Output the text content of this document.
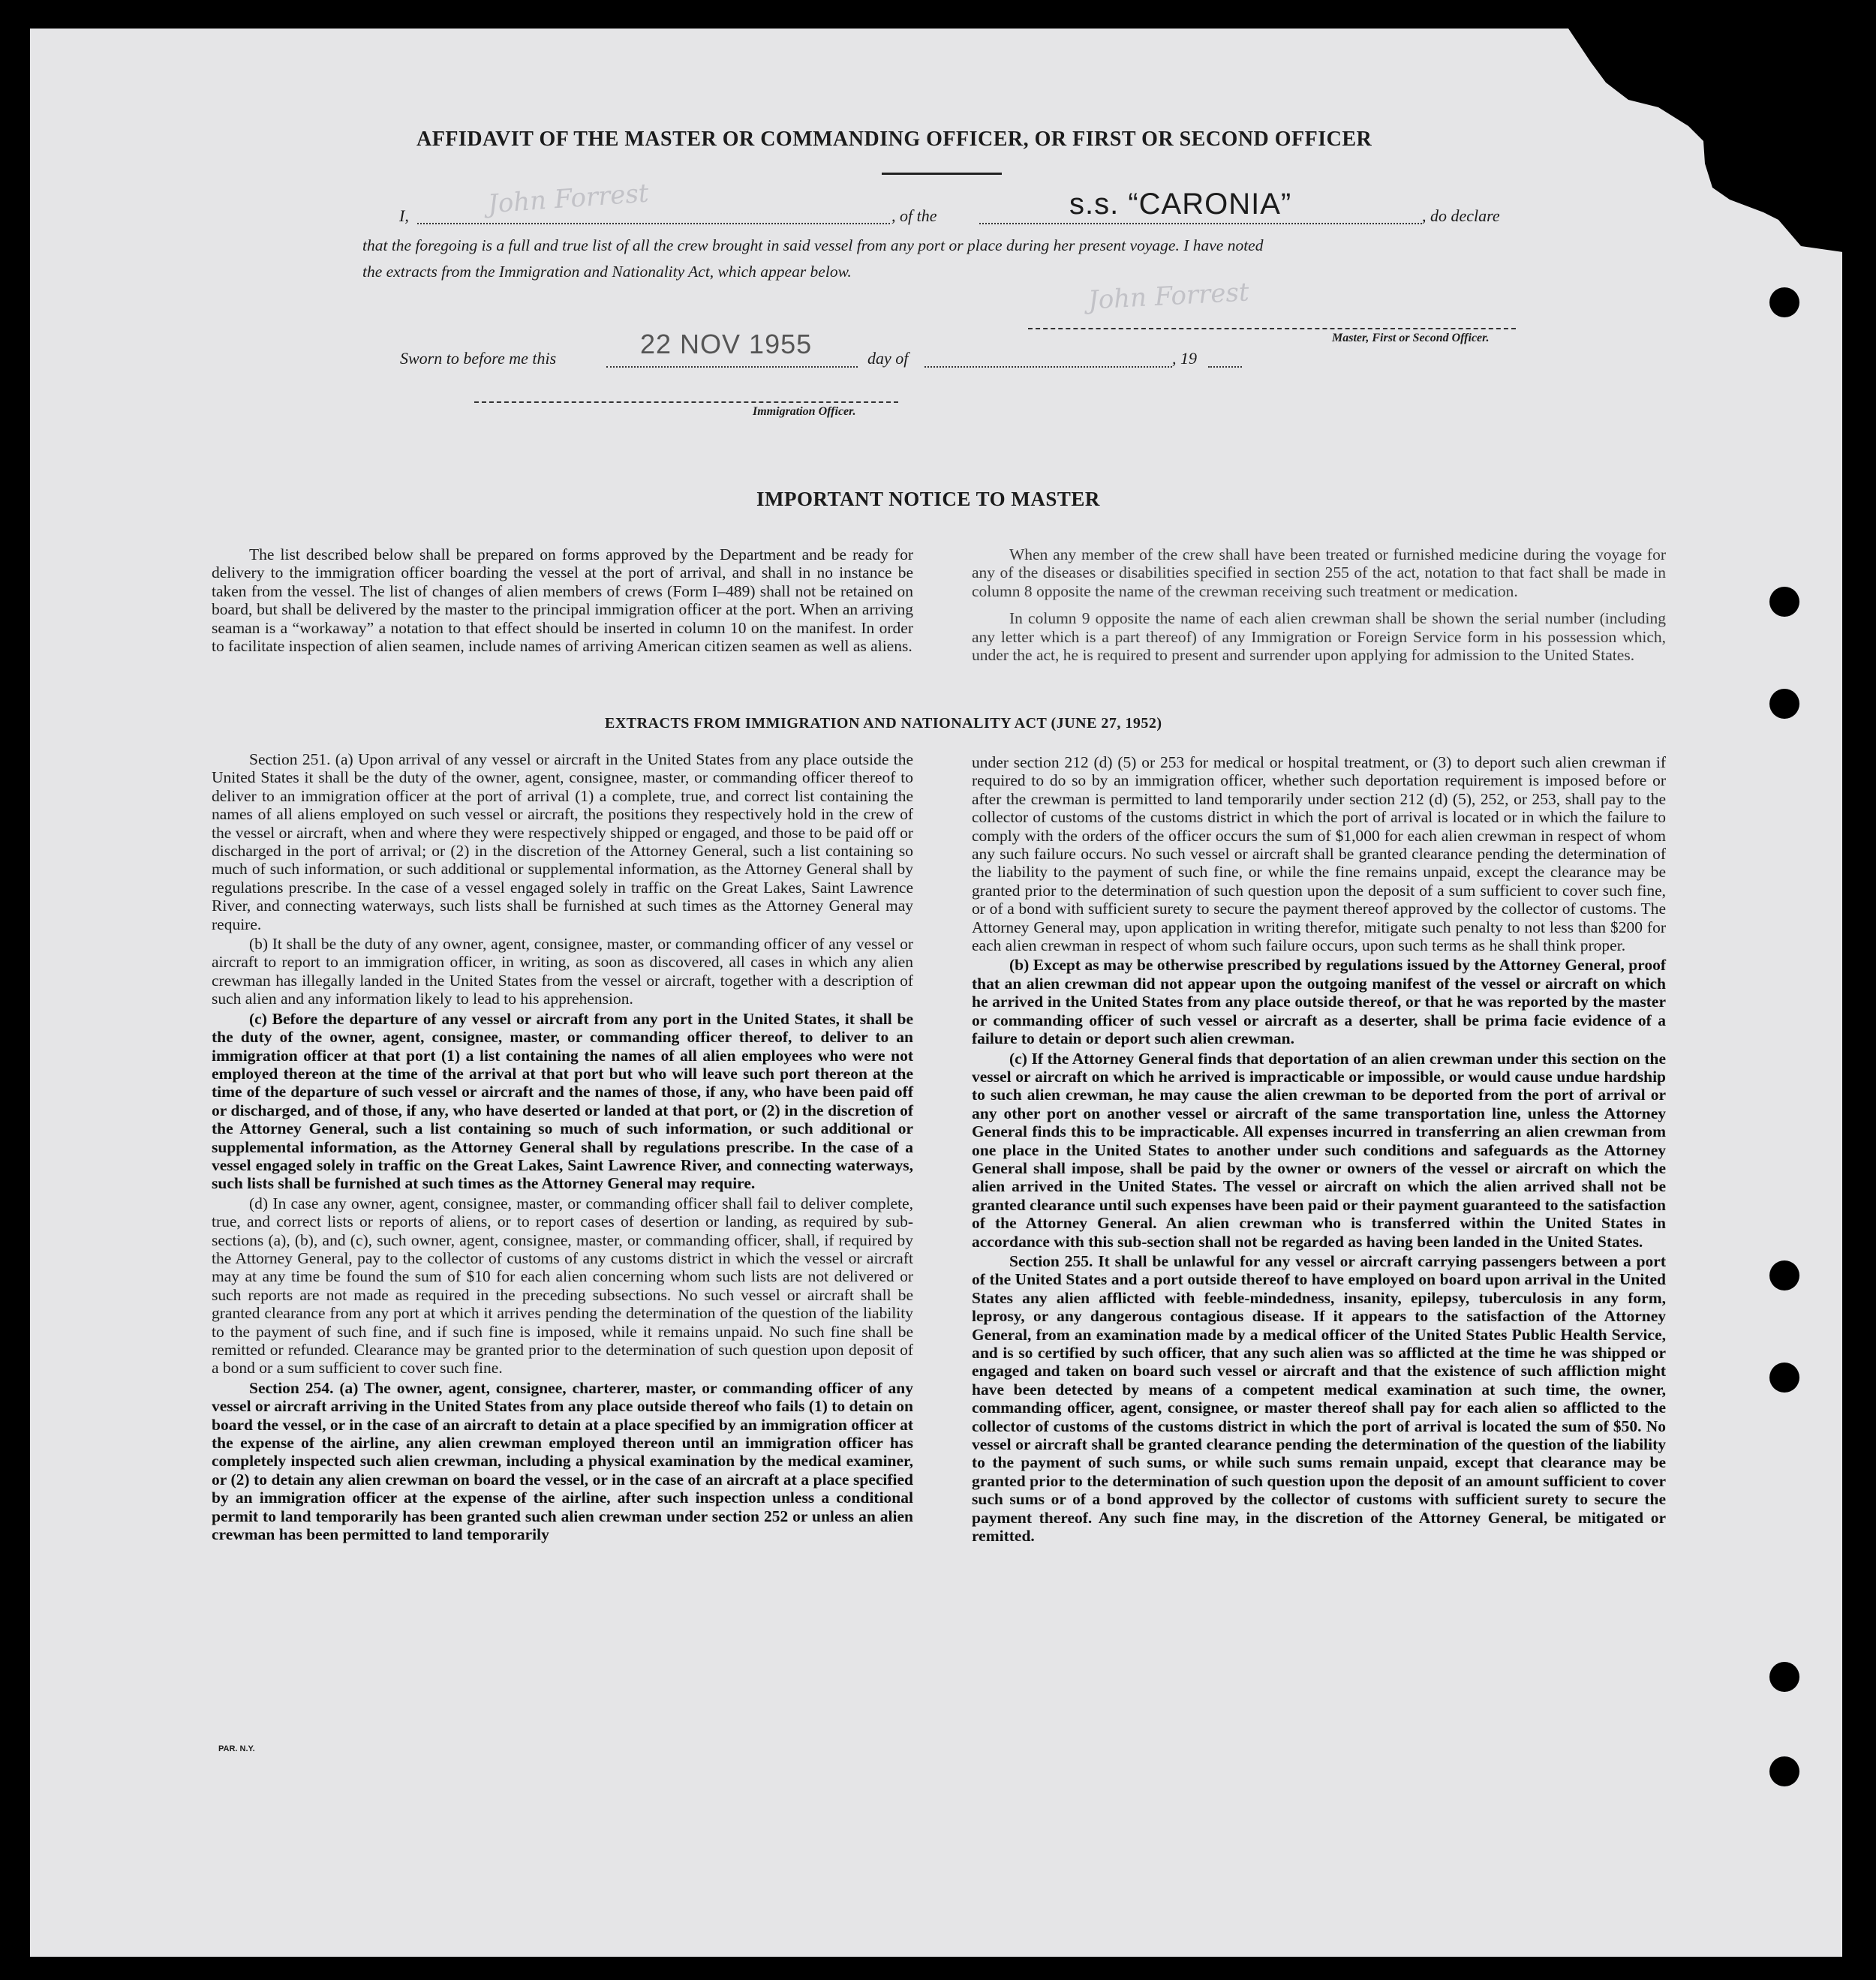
AFFIDAVIT OF THE MASTER OR COMMANDING OFFICER, OR FIRST OR SECOND OFFICER
I,	John Forrest	, of the	s.s. “CARONIA”	, do declare
that the foregoing is a full and true list of all the crew brought in said vessel from any port or place during her present voyage. I have noted
the extracts from the Immigration and Nationality Act, which appear below.
John Forrest
Master, First or Second Officer.
Sworn to before me this	22 NOV 1955	day of	, 19
Immigration Officer.
IMPORTANT NOTICE TO MASTER

The list described below shall be prepared on forms approved by the Department and be ready for delivery to the immigration officer boarding the vessel at the port of arrival, and shall in no instance be taken from the vessel. The list of changes of alien members of crews (Form I–489) shall not be retained on board, but shall be delivered by the master to the principal immigration officer at the port. When an arriving seaman is a “workaway” a notation to that effect should be inserted in column 10 on the manifest. In order to facilitate inspection of alien seamen, include names of arriving American citizen seamen as well as aliens.

When any member of the crew shall have been treated or furnished medicine during the voyage for any of the diseases or disabilities specified in section 255 of the act, notation to that fact shall be made in column 8 opposite the name of the crewman receiving such treatment or medication.

In column 9 opposite the name of each alien crewman shall be shown the serial number (including any letter which is a part thereof) of any Immigration or Foreign Service form in his possession which, under the act, he is required to present and surrender upon applying for admission to the United States.

EXTRACTS FROM IMMIGRATION AND NATIONALITY ACT (JUNE 27, 1952)

Section 251. (a) Upon arrival of any vessel or aircraft in the United States from any place outside the United States it shall be the duty of the owner, agent, consignee, master, or commanding officer thereof to deliver to an immigration officer at the port of arrival (1) a complete, true, and correct list containing the names of all aliens employed on such vessel or aircraft, the positions they respectively hold in the crew of the vessel or aircraft, when and where they were respectively shipped or engaged, and those to be paid off or discharged in the port of arrival; or (2) in the discretion of the Attorney General, such a list containing so much of such information, or such additional or supplemental information, as the Attorney General shall by regulations prescribe. In the case of a vessel engaged solely in traffic on the Great Lakes, Saint Lawrence River, and connecting waterways, such lists shall be furnished at such times as the Attorney General may require.

(b) It shall be the duty of any owner, agent, consignee, master, or commanding officer of any vessel or aircraft to report to an immigration officer, in writing, as soon as discovered, all cases in which any alien crewman has illegally landed in the United States from the vessel or aircraft, together with a description of such alien and any information likely to lead to his apprehension.

(c) Before the departure of any vessel or aircraft from any port in the United States, it shall be the duty of the owner, agent, consignee, master, or commanding officer thereof, to deliver to an immigration officer at that port (1) a list containing the names of all alien employees who were not employed thereon at the time of the arrival at that port but who will leave such port thereon at the time of the departure of such vessel or aircraft and the names of those, if any, who have been paid off or discharged, and of those, if any, who have deserted or landed at that port, or (2) in the discretion of the Attorney General, such a list containing so much of such information, or such additional or supplemental information, as the Attorney General shall by regulations prescribe. In the case of a vessel engaged solely in traffic on the Great Lakes, Saint Lawrence River, and connecting waterways, such lists shall be furnished at such times as the Attorney General may require.

(d) In case any owner, agent, consignee, master, or commanding officer shall fail to deliver complete, true, and correct lists or reports of aliens, or to report cases of desertion or landing, as required by sub-sections (a), (b), and (c), such owner, agent, consignee, master, or commanding officer, shall, if required by the Attorney General, pay to the collector of customs of any customs district in which the vessel or aircraft may at any time be found the sum of $10 for each alien concerning whom such lists are not delivered or such reports are not made as required in the preceding subsections. No such vessel or aircraft shall be granted clearance from any port at which it arrives pending the determination of the question of the liability to the payment of such fine, and if such fine is imposed, while it remains unpaid. No such fine shall be remitted or refunded. Clearance may be granted prior to the determination of such question upon deposit of a bond or a sum sufficient to cover such fine.

Section 254. (a) The owner, agent, consignee, charterer, master, or commanding officer of any vessel or aircraft arriving in the United States from any place outside thereof who fails (1) to detain on board the vessel, or in the case of an aircraft to detain at a place specified by an immigration officer at the expense of the airline, any alien crewman employed thereon until an immigration officer has completely inspected such alien crewman, including a physical examination by the medical examiner, or (2) to detain any alien crewman on board the vessel, or in the case of an aircraft at a place specified by an immigration officer at the expense of the airline, after such inspection unless a conditional permit to land temporarily has been granted such alien crewman under section 252 or unless an alien crewman has been permitted to land temporarily

under section 212 (d) (5) or 253 for medical or hospital treatment, or (3) to deport such alien crewman if required to do so by an immigration officer, whether such deportation requirement is imposed before or after the crewman is permitted to land temporarily under section 212 (d) (5), 252, or 253, shall pay to the collector of customs of the customs district in which the port of arrival is located or in which the failure to comply with the orders of the officer occurs the sum of $1,000 for each alien crewman in respect of whom any such failure occurs. No such vessel or aircraft shall be granted clearance pending the determination of the liability to the payment of such fine, or while the fine remains unpaid, except the clearance may be granted prior to the determination of such question upon the deposit of a sum sufficient to cover such fine, or of a bond with sufficient surety to secure the payment thereof approved by the collector of customs. The Attorney General may, upon application in writing therefor, mitigate such penalty to not less than $200 for each alien crewman in respect of whom such failure occurs, upon such terms as he shall think proper.

(b) Except as may be otherwise prescribed by regulations issued by the Attorney General, proof that an alien crewman did not appear upon the outgoing manifest of the vessel or aircraft on which he arrived in the United States from any place outside thereof, or that he was reported by the master or commanding officer of such vessel or aircraft as a deserter, shall be prima facie evidence of a failure to detain or deport such alien crewman.

(c) If the Attorney General finds that deportation of an alien crewman under this section on the vessel or aircraft on which he arrived is impracticable or impossible, or would cause undue hardship to such alien crewman, he may cause the alien crewman to be deported from the port of arrival or any other port on another vessel or aircraft of the same transportation line, unless the Attorney General finds this to be impracticable. All expenses incurred in transferring an alien crewman from one place in the United States to another under such conditions and safeguards as the Attorney General shall impose, shall be paid by the owner or owners of the vessel or aircraft on which the alien arrived in the United States. The vessel or aircraft on which the alien arrived shall not be granted clearance until such expenses have been paid or their payment guaranteed to the satisfaction of the Attorney General. An alien crewman who is transferred within the United States in accordance with this sub-section shall not be regarded as having been landed in the United States.

Section 255. It shall be unlawful for any vessel or aircraft carrying passengers between a port of the United States and a port outside thereof to have employed on board upon arrival in the United States any alien afflicted with feeble-mindedness, insanity, epilepsy, tuberculosis in any form, leprosy, or any dangerous contagious disease. If it appears to the satisfaction of the Attorney General, from an examination made by a medical officer of the United States Public Health Service, and is so certified by such officer, that any such alien was so afflicted at the time he was shipped or engaged and taken on board such vessel or aircraft and that the existence of such affliction might have been detected by means of a competent medical examination at such time, the owner, commanding officer, agent, consignee, or master thereof shall pay for each alien so afflicted to the collector of customs of the customs district in which the port of arrival is located the sum of $50. No vessel or aircraft shall be granted clearance pending the determination of the question of the liability to the payment of such sums, or while such sums remain unpaid, except that clearance may be granted prior to the determination of such question upon the deposit of an amount sufficient to cover such sums or of a bond approved by the collector of customs with sufficient surety to secure the payment thereof. Any such fine may, in the discretion of the Attorney General, be mitigated or remitted.

PAR. N.Y.
